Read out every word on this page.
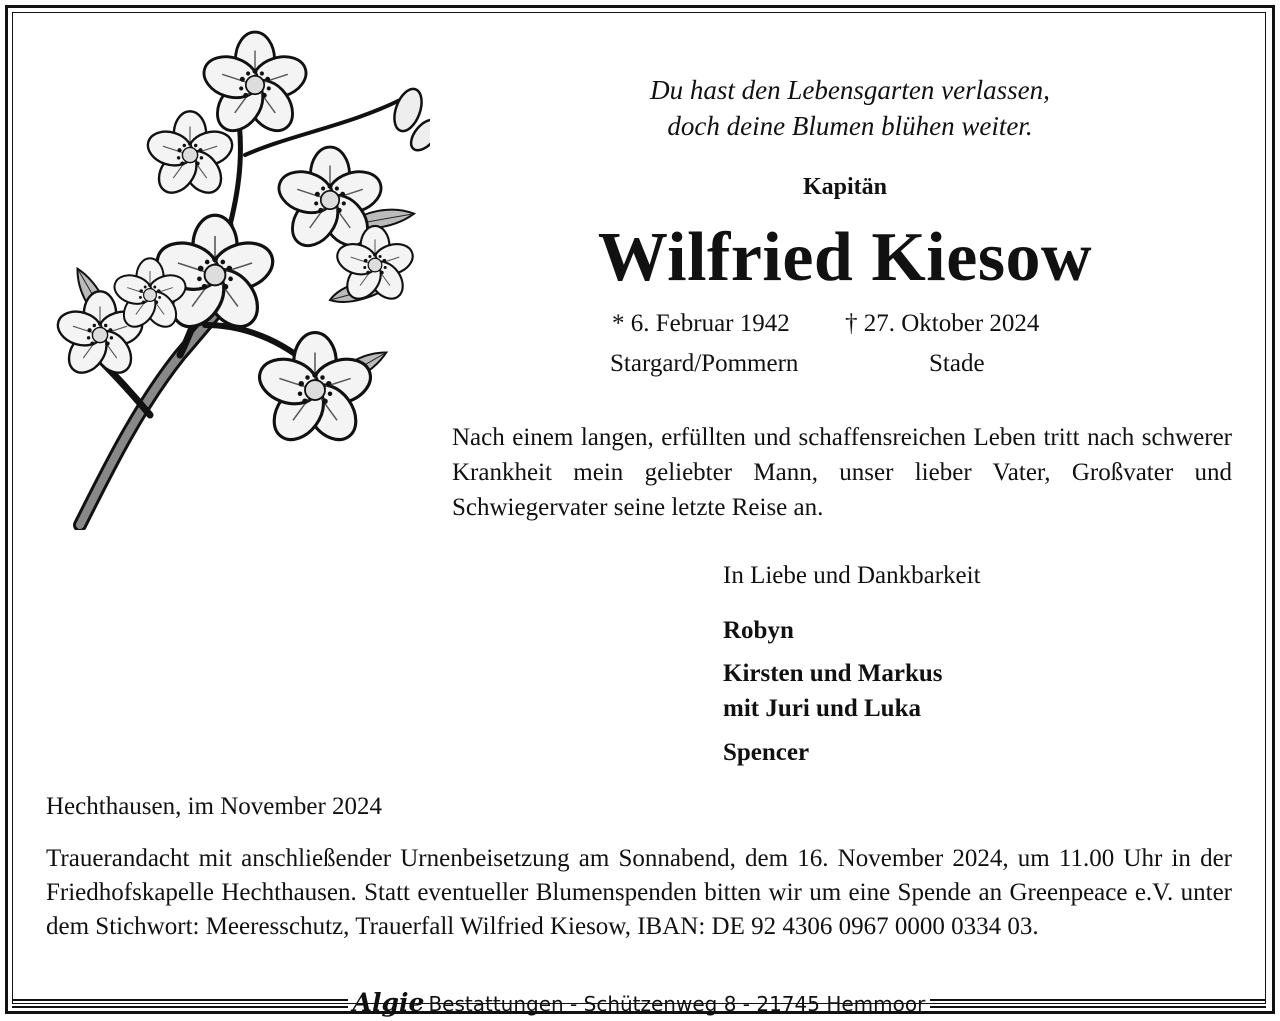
Du hast den Lebensgarten verlassen,
doch deine Blumen blühen weiter.

Kapitän

Wilfried Kiesow

* 6. Februar 1942 † 27. Oktober 2024

Stargard/Pommern	Stade

Nach einem langen, erfüllten und schaffensreichen Leben tritt nach schwerer Krankheit mein geliebter Mann, unser lieber Vater, Großvater und Schwiegervater seine letzte Reise an.

In Liebe und Dankbarkeit

Robyn

Kirsten und Markus

mit Juri und Luka

Spencer

Hechthausen, im November 2024

Trauerandacht mit anschließender Urnenbeisetzung am Sonnabend, dem 16. November 2024, um 11.00 Uhr in der Friedhofskapelle Hechthausen. Statt eventueller Blumenspenden bitten wir um eine Spende an Greenpeace e.V. unter dem Stichwort: Meeresschutz, Trauerfall Wilfried Kiesow, IBAN: DE 92 4306 0967 0000 0334 03.

Algie Bestattungen - Schützenweg 8 - 21745 Hemmoor
